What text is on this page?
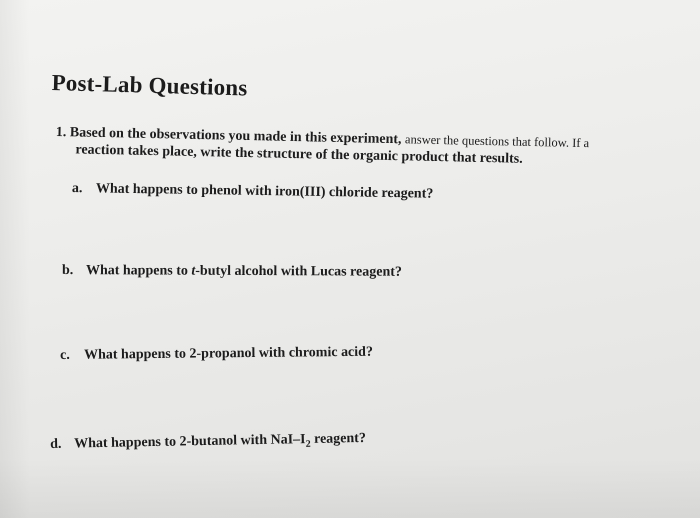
Post-Lab Questions
1. Based on the observations you made in this experiment, answer the questions that follow. If a
reaction takes place, write the structure of the organic product that results.
a. What happens to phenol with iron(III) chloride reagent?
b. What happens to t-butyl alcohol with Lucas reagent?
c. What happens to 2-propanol with chromic acid?
d. What happens to 2-butanol with NaI–$I_2$ reagent?
